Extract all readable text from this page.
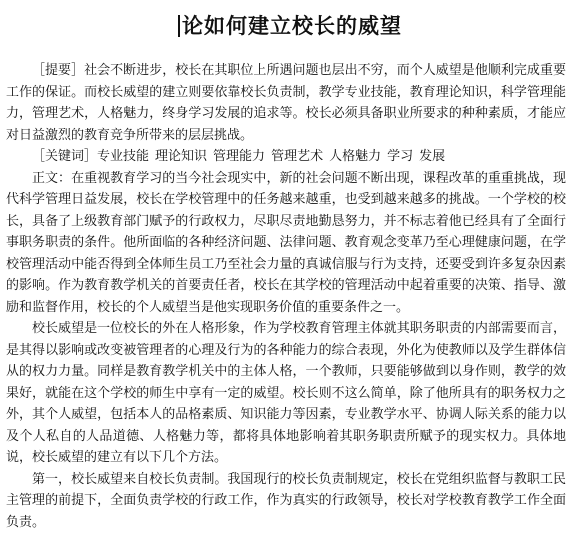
论如何建立校长的威望

［提要］社会不断进步，校长在其职位上所遇问题也层出不穷，而个人威望是他顺利完成重要工作的保证。而校长威望的建立则要依靠校长负责制，教学专业技能，教育理论知识，科学管理能力，管理艺术，人格魅力，终身学习发展的追求等。校长必须具备职业所要求的种种素质，才能应对日益激烈的教育竞争所带来的层层挑战。

［关键词］专业技能 理论知识 管理能力 管理艺术 人格魅力 学习 发展

正文：在重视教育学习的当今社会现实中，新的社会问题不断出现，课程改革的重重挑战，现代科学管理日益发展，校长在学校管理中的任务越来越重，也受到越来越多的挑战。一个学校的校长，具备了上级教育部门赋予的行政权力，尽职尽责地勤恳努力，并不标志着他已经具有了全面行事职务职责的条件。他所面临的各种经济问题、法律问题、教育观念变革乃至心理健康问题，在学校管理活动中能否得到全体师生员工乃至社会力量的真诚信服与行为支持，还要受到许多复杂因素的影响。作为教育教学机关的首要责任者，校长在其学校的管理活动中起着重要的决策、指导、激励和监督作用，校长的个人威望当是他实现职务价值的重要条件之一。

校长威望是一位校长的外在人格形象，作为学校教育管理主体就其职务职责的内部需要而言，是其得以影响或改变被管理者的心理及行为的各种能力的综合表现，外化为使教师以及学生群体信从的权力力量。同样是教育教学机关中的主体人格，一个教师，只要能够做到以身作则，教学的效果好，就能在这个学校的师生中享有一定的威望。校长则不这么简单，除了他所具有的职务权力之外，其个人威望，包括本人的品格素质、知识能力等因素，专业教学水平、协调人际关系的能力以及个人私自的人品道德、人格魅力等，都将具体地影响着其职务职责所赋予的现实权力。具体地说，校长威望的建立有以下几个方法。

第一，校长威望来自校长负责制。我国现行的校长负责制规定，校长在党组织监督与教职工民主管理的前提下，全面负责学校的行政工作，作为真实的行政领导，校长对学校教育教学工作全面负责。
